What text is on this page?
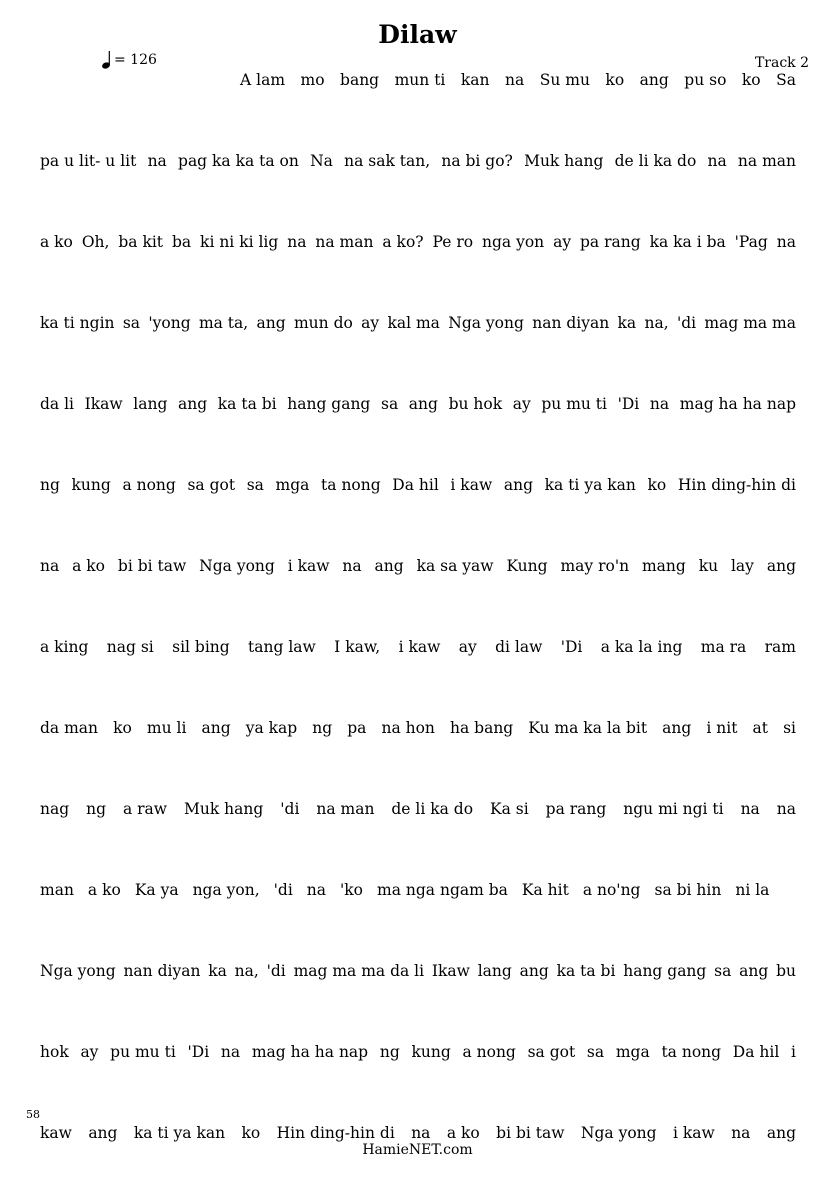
Dilaw
= 126	Track 2
A lam mo bang mun ti kan na Su mu ko ang pu so ko Sa
pa u lit- u lit na pag ka ka ta on Na na sak tan, na bi go? Muk hang de li ka do na na man
a ko Oh, ba kit ba ki ni ki lig na na man a ko? Pe ro nga yon ay pa rang ka ka i ba 'Pag na
ka ti ngin sa 'yong ma ta, ang mun do ay kal ma Nga yong nan diyan ka na, 'di mag ma ma
da li Ikaw lang ang ka ta bi hang gang sa ang bu hok ay pu mu ti 'Di na mag ha ha nap
ng kung a nong sa got sa mga ta nong Da hil i kaw ang ka ti ya kan ko Hin ding-hin di
na a ko bi bi taw Nga yong i kaw na ang ka sa yaw Kung may ro'n mang ku lay ang
a king nag si sil bing tang law I kaw, i kaw ay di law 'Di a ka la ing ma ra ram
da man ko mu li ang ya kap ng pa na hon ha bang Ku ma ka la bit ang i nit at si
nag ng a raw Muk hang 'di na man de li ka do Ka si pa rang ngu mi ngi ti na na
man a ko Ka ya nga yon, 'di na 'ko ma nga ngam ba Ka hit a no'ng sa bi hin ni la
Nga yong nan diyan ka na, 'di mag ma ma da li Ikaw lang ang ka ta bi hang gang sa ang bu
hok ay pu mu ti 'Di na mag ha ha nap ng kung a nong sa got sa mga ta nong Da hil i
kaw ang ka ti ya kan ko Hin ding-hin di na a ko bi bi taw Nga yong i kaw na ang
58
HamieNET.com
